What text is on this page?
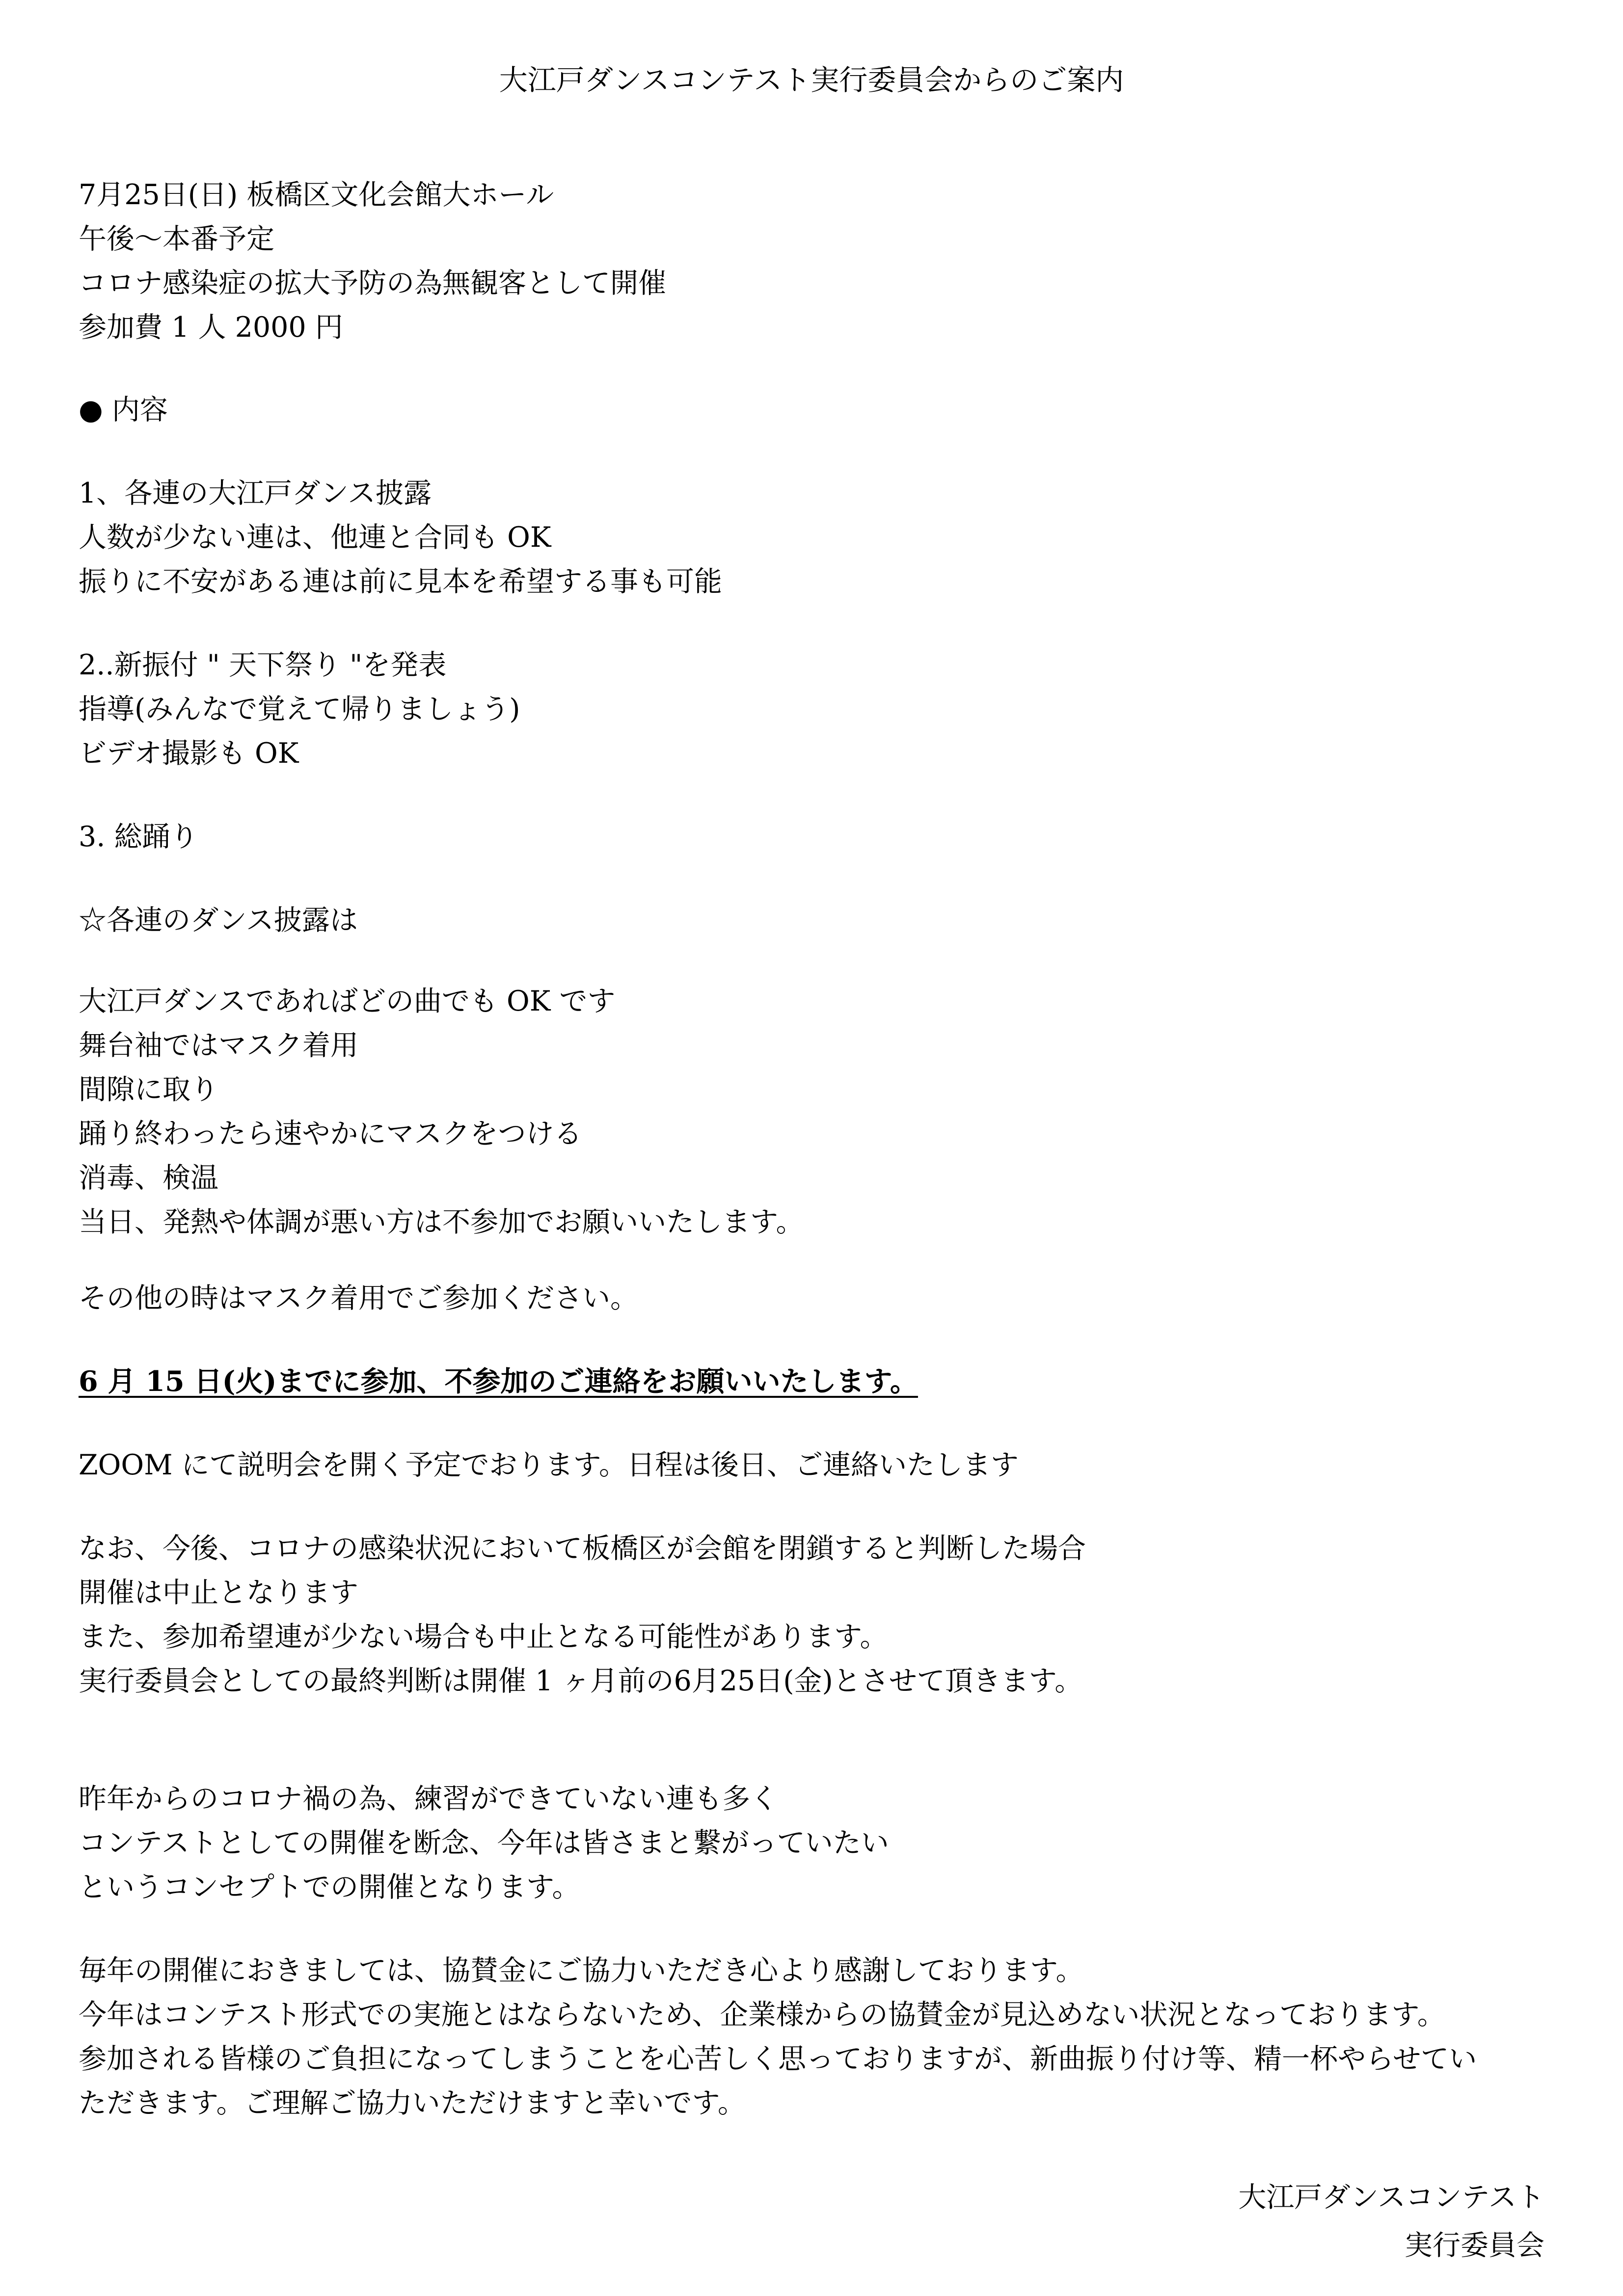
大江戸ダンスコンテスト実行委員会からのご案内
7月25日(日) 板橋区文化会館大ホール
午後～本番予定
コロナ感染症の拡大予防の為無観客として開催
参加費 1 人 2000 円
● 内容
1、各連の大江戸ダンス披露
人数が少ない連は、他連と合同も OK
振りに不安がある連は前に見本を希望する事も可能
2..新振付 " 天下祭り "を発表
指導(みんなで覚えて帰りましょう)
ビデオ撮影も OK
3. 総踊り
☆各連のダンス披露は
大江戸ダンスであればどの曲でも OK です
舞台袖ではマスク着用
間隙に取り
踊り終わったら速やかにマスクをつける
消毒、検温
当日、発熱や体調が悪い方は不参加でお願いいたします。
その他の時はマスク着用でご参加ください。
6 月 15 日(火)までに参加、不参加のご連絡をお願いいたします。
ZOOM にて説明会を開く予定でおります。日程は後日、ご連絡いたします
なお、今後、コロナの感染状況において板橋区が会館を閉鎖すると判断した場合
開催は中止となります
また、参加希望連が少ない場合も中止となる可能性があります。
実行委員会としての最終判断は開催 1 ヶ月前の6月25日(金)とさせて頂きます。
昨年からのコロナ禍の為、練習ができていない連も多く
コンテストとしての開催を断念、今年は皆さまと繋がっていたい
というコンセプトでの開催となります。
毎年の開催におきましては、協賛金にご協力いただき心より感謝しております。
今年はコンテスト形式での実施とはならないため、企業様からの協賛金が見込めない状況となっております。
参加される皆様のご負担になってしまうことを心苦しく思っておりますが、新曲振り付け等、精一杯やらせてい
ただきます。ご理解ご協力いただけますと幸いです。
大江戸ダンスコンテスト
実行委員会
